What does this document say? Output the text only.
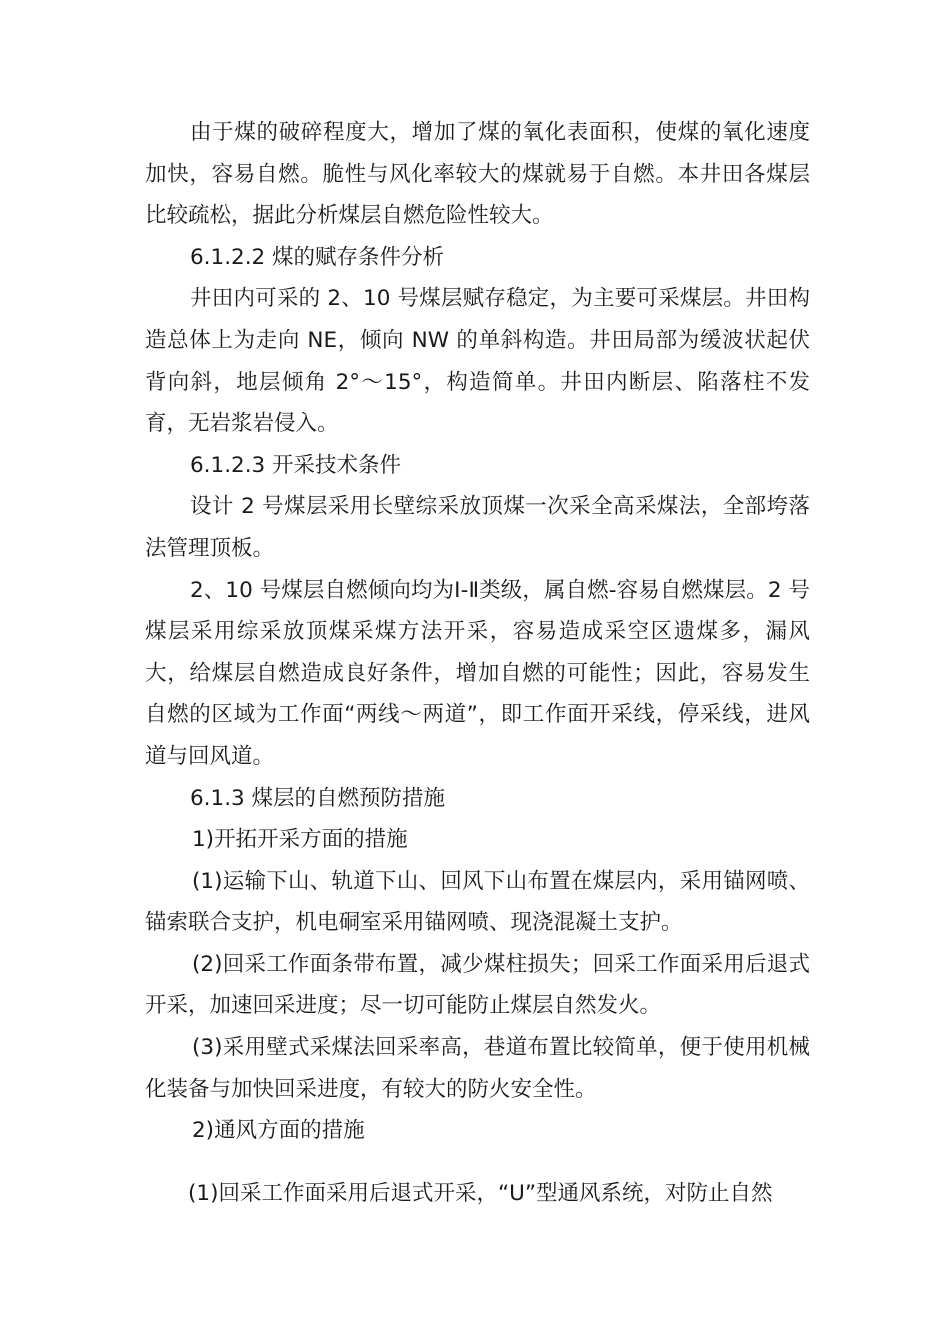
由于煤的破碎程度大，增加了煤的氧化表面积，使煤的氧化速度加快，容易自燃。脆性与风化率较大的煤就易于自燃。本井田各煤层比较疏松，据此分析煤层自燃危险性较大。

6.1.2.2 煤的赋存条件分析

井田内可采的 2、10 号煤层赋存稳定，为主要可采煤层。井田构造总体上为走向 NE，倾向 NW 的单斜构造。井田局部为缓波状起伏背向斜，地层倾角 2°～15°，构造简单。井田内断层、陷落柱不发育，无岩浆岩侵入。

6.1.2.3 开采技术条件

设计 2 号煤层采用长壁综采放顶煤一次采全高采煤法，全部垮落法管理顶板。

2、10 号煤层自燃倾向均为Ⅰ-Ⅱ类级，属自燃-容易自燃煤层。2 号煤层采用综采放顶煤采煤方法开采，容易造成采空区遗煤多，漏风大，给煤层自燃造成良好条件，增加自燃的可能性；因此，容易发生自燃的区域为工作面“两线～两道”，即工作面开采线，停采线，进风道与回风道。

6.1.3 煤层的自燃预防措施

1)开拓开采方面的措施

(1)运输下山、轨道下山、回风下山布置在煤层内，采用锚网喷、锚索联合支护，机电硐室采用锚网喷、现浇混凝土支护。

(2)回采工作面条带布置，减少煤柱损失；回采工作面采用后退式开采，加速回采进度；尽一切可能防止煤层自然发火。

(3)采用壁式采煤法回采率高，巷道布置比较简单，便于使用机械化装备与加快回采进度，有较大的防火安全性。

2)通风方面的措施

(1)回采工作面采用后退式开采，“U”型通风系统，对防止自然
